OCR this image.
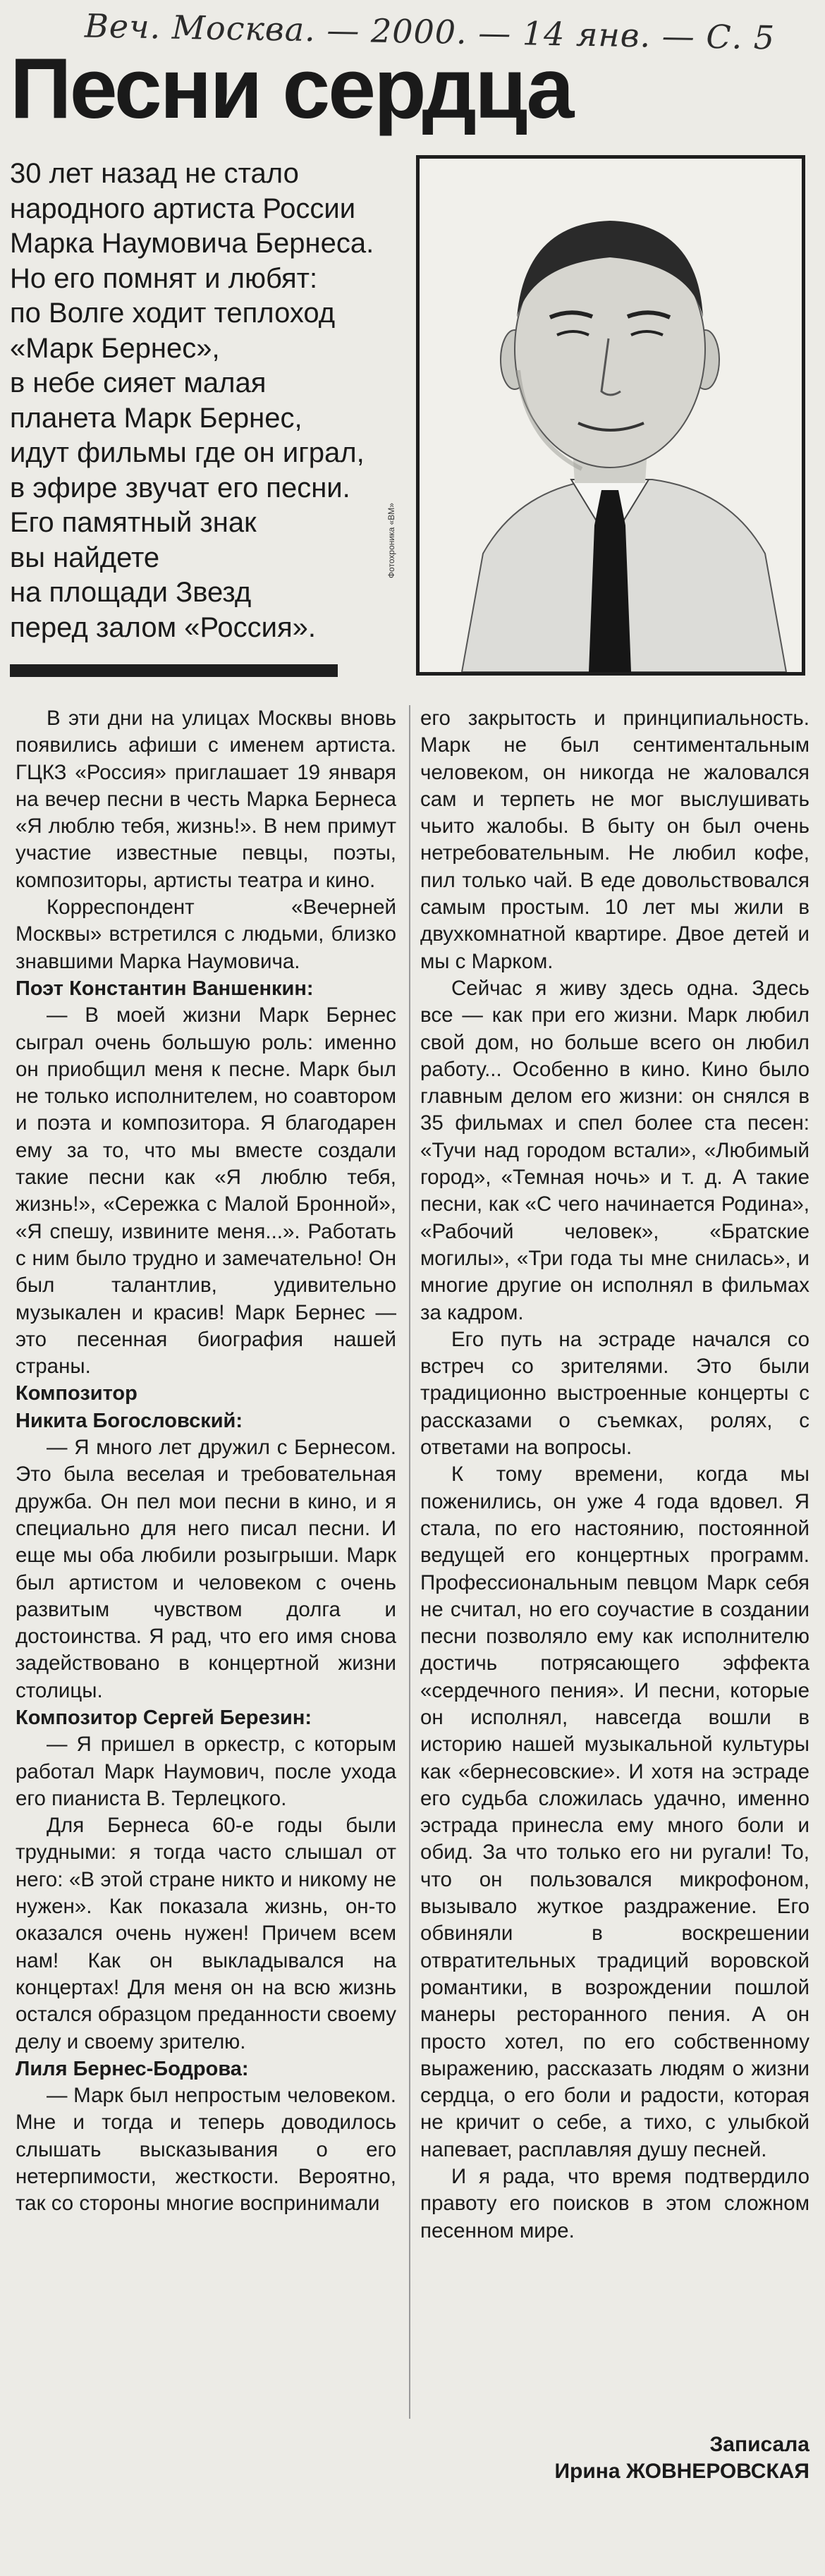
Веч. Москва. — 2000. — 14 янв. — С. 5
Песни сердца
30 лет назад не стало
народного артиста России
Марка Наумовича Бернеса.
Но его помнят и любят:
по Волге ходит теплоход
«Марк Бернес»,
в небе сияет малая
планета Марк Бернес,
идут фильмы где он играл,
в эфире звучат его песни.
Его памятный знак
вы найдете
на площади Звезд
перед залом «Россия».
Фотохроника «ВМ»

В эти дни на улицах Москвы вновь появились афиши с именем артиста. ГЦКЗ «Россия» приглашает 19 января на вечер песни в честь Марка Бернеса «Я люблю тебя, жизнь!». В нем примут участие известные певцы, поэты, композиторы, артисты театра и кино.

Корреспондент «Вечерней Москвы» встретился с людьми, близко знавшими Марка Наумовича.

Поэт Константин Ваншенкин:

— В моей жизни Марк Бернес сыграл очень большую роль: именно он приобщил меня к песне. Марк был не только исполнителем, но соавтором и поэта и композитора. Я благодарен ему за то, что мы вместе создали такие песни как «Я люблю тебя, жизнь!», «Сережка с Малой Бронной», «Я спешу, извините меня...». Работать с ним было трудно и замечательно! Он был талантлив, удивительно музыкален и красив! Марк Бернес — это песенная биография нашей страны.

Композитор
Никита Богословский:

— Я много лет дружил с Бернесом. Это была веселая и требовательная дружба. Он пел мои песни в кино, и я специально для него писал песни. И еще мы оба любили розыгрыши. Марк был артистом и человеком с очень развитым чувством долга и достоинства. Я рад, что его имя снова задействовано в концертной жизни столицы.

Композитор Сергей Березин:

— Я пришел в оркестр, с которым работал Марк Наумович, после ухода его пианиста В. Терлецкого.

Для Бернеса 60-е годы были трудными: я тогда часто слышал от него: «В этой стране никто и никому не нужен». Как показала жизнь, он-то оказался очень нужен! Причем всем нам! Как он выкладывался на концертах! Для меня он на всю жизнь остался образцом преданности своему делу и своему зрителю.

Лиля Бернес-Бодрова:

— Марк был непростым человеком. Мне и тогда и теперь доводилось слышать высказывания о его нетерпимости, жесткости. Вероятно, так со стороны многие воспринимали

его закрытость и принципиальность. Марк не был сентиментальным человеком, он никогда не жаловался сам и терпеть не мог выслушивать чьито жалобы. В быту он был очень нетребовательным. Не любил кофе, пил только чай. В еде довольствовался самым простым. 10 лет мы жили в двухкомнатной квартире. Двое детей и мы с Марком.

Сейчас я живу здесь одна. Здесь все — как при его жизни. Марк любил свой дом, но больше всего он любил работу... Особенно в кино. Кино было главным делом его жизни: он снялся в 35 фильмах и спел более ста песен: «Тучи над городом встали», «Любимый город», «Темная ночь» и т. д. А такие песни, как «С чего начинается Родина», «Рабочий человек», «Братские могилы», «Три года ты мне снилась», и многие другие он исполнял в фильмах за кадром.

Его путь на эстраде начался со встреч со зрителями. Это были традиционно выстроенные концерты с рассказами о съемках, ролях, с ответами на вопросы.

К тому времени, когда мы поженились, он уже 4 года вдовел. Я стала, по его настоянию, постоянной ведущей его концертных программ. Профессиональным певцом Марк себя не считал, но его соучастие в создании песни позволяло ему как исполнителю достичь потрясающего эффекта «сердечного пения». И песни, которые он исполнял, навсегда вошли в историю нашей музыкальной культуры как «бернесовские». И хотя на эстраде его судьба сложилась удачно, именно эстрада принесла ему много боли и обид. За что только его ни ругали! То, что он пользовался микрофоном, вызывало жуткое раздражение. Его обвиняли в воскрешении отвратительных традиций воровской романтики, в возрождении пошлой манеры ресторанного пения. А он просто хотел, по его собственному выражению, рассказать людям о жизни сердца, о его боли и радости, которая не кричит о себе, а тихо, с улыбкой напевает, расплавляя душу песней.

И я рада, что время подтвердило правоту его поисков в этом сложном песенном мире.

Записала
Ирина ЖОВНЕРОВСКАЯ
